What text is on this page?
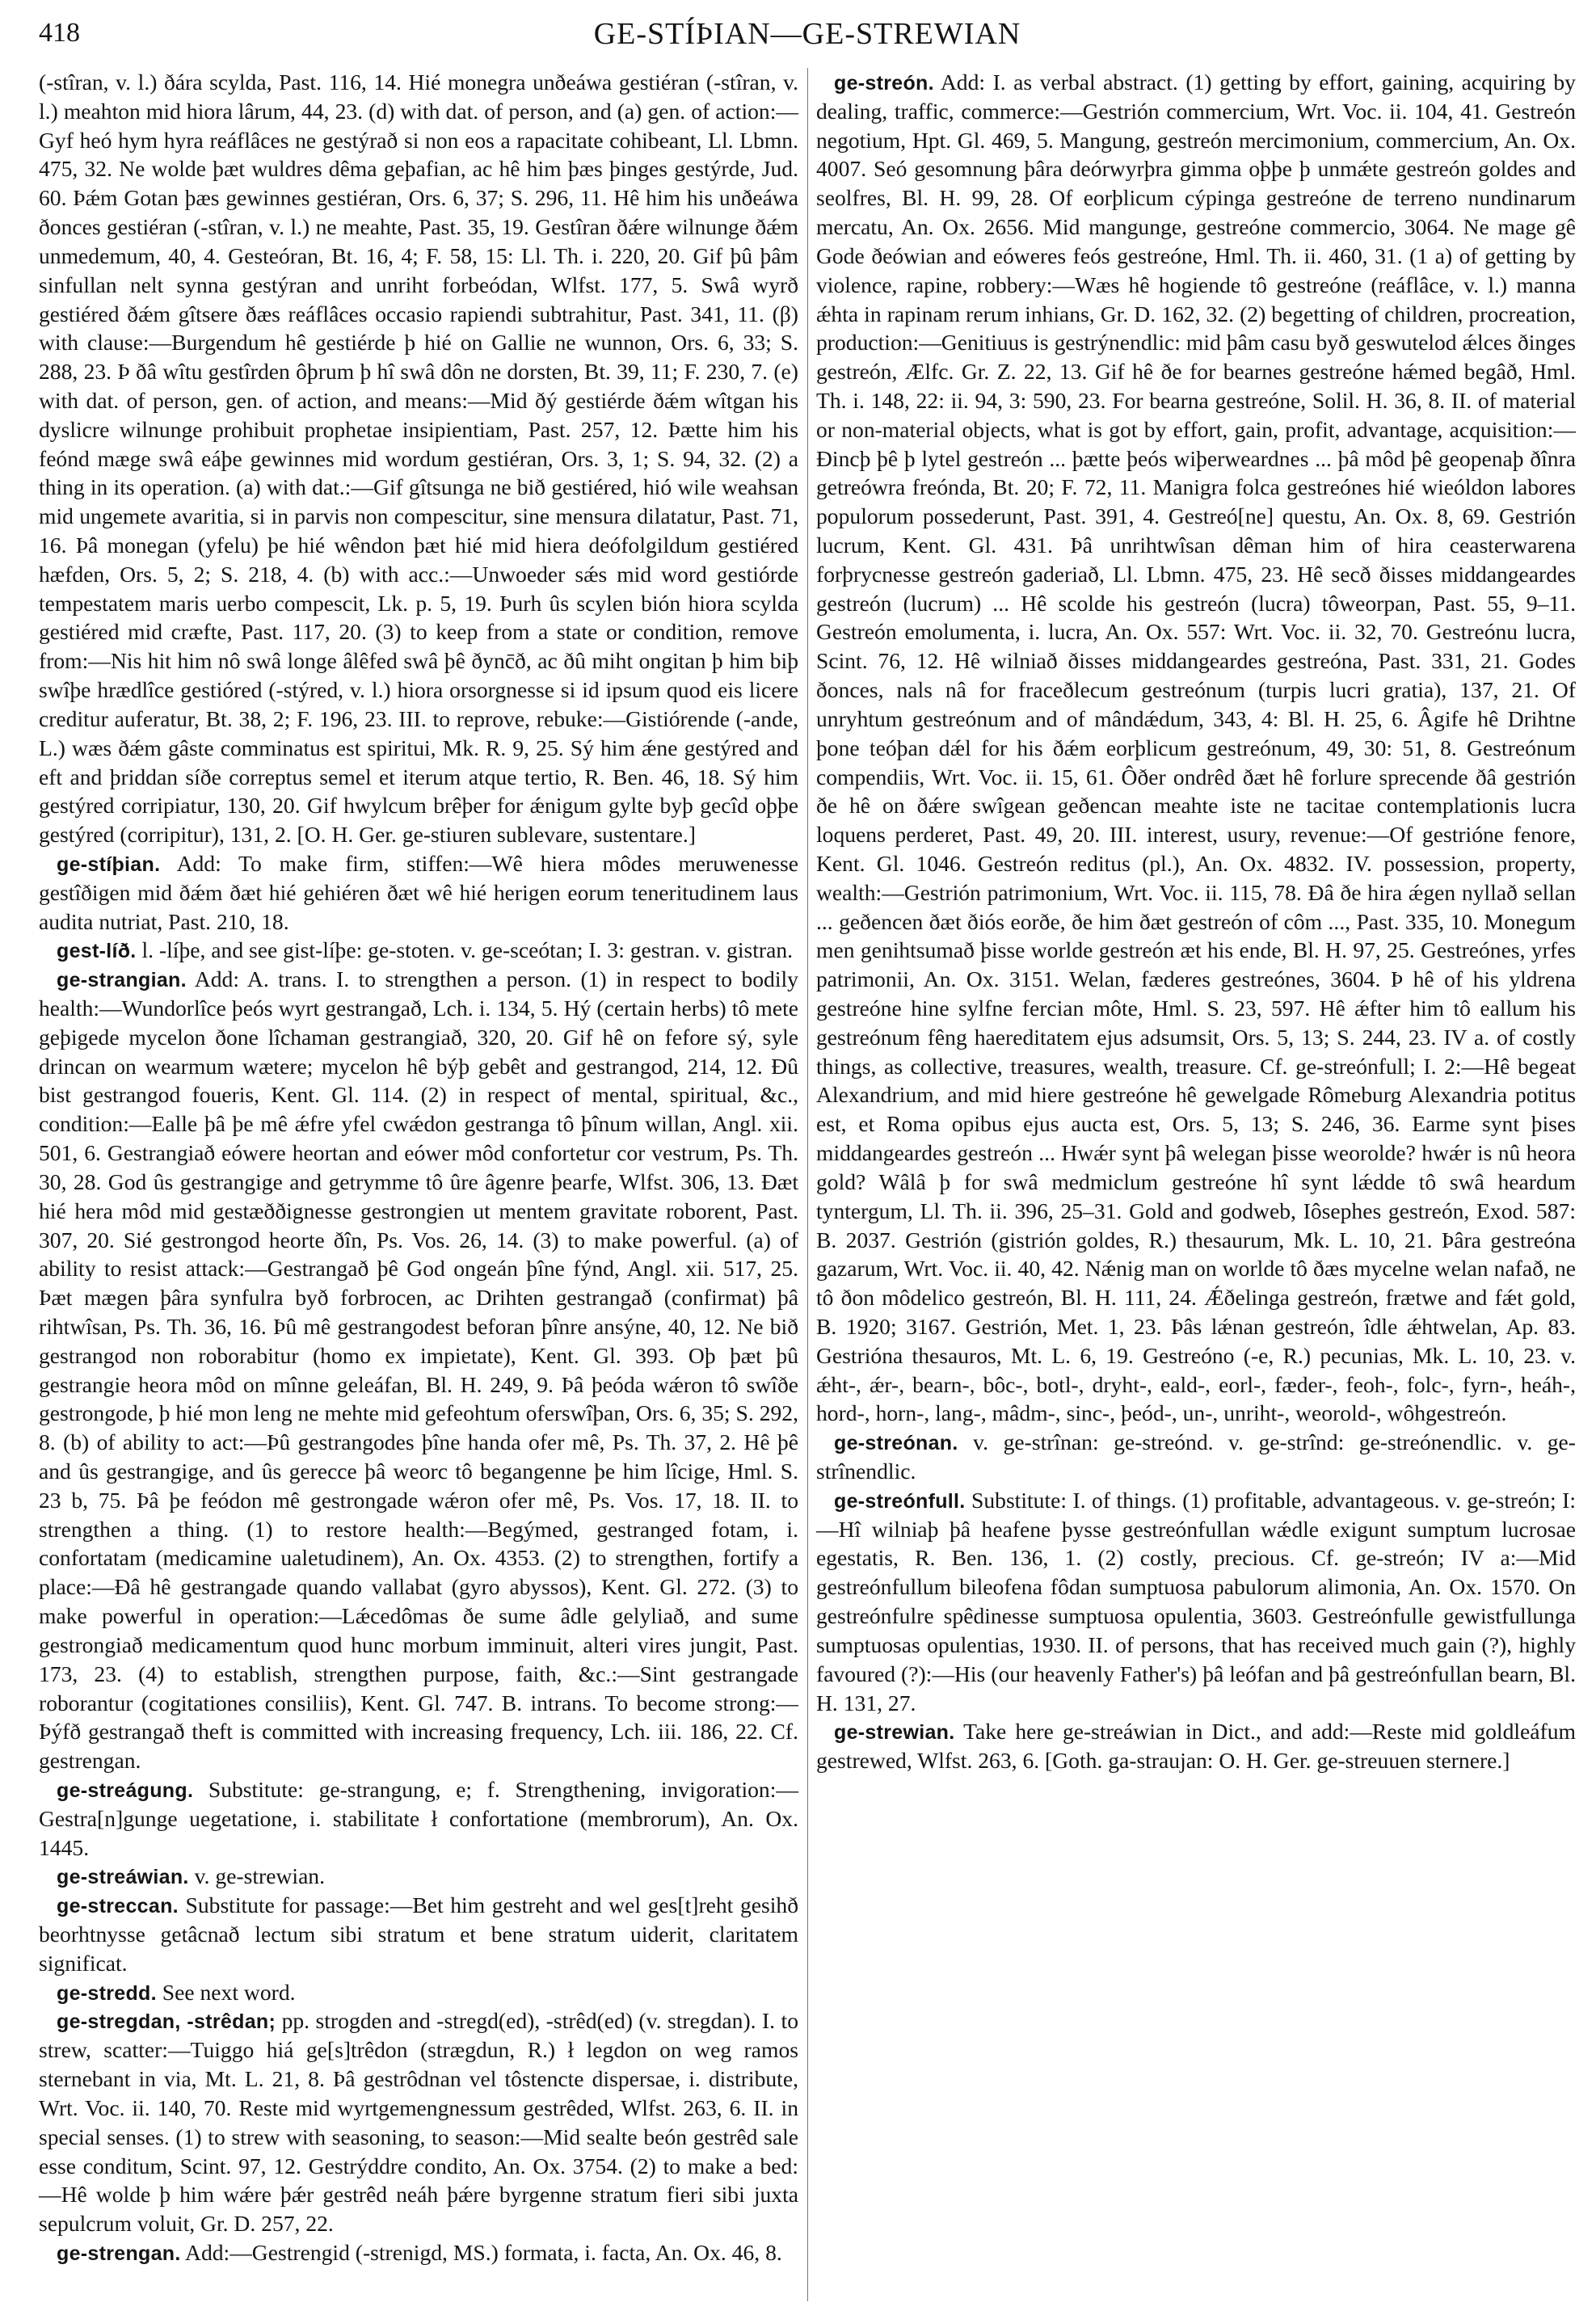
418	GE-STÍÞIAN—GE-STREWIAN

(-stîran, v. l.) ðára scylda, Past. 116, 14. Hié monegra unðeáwa gestiéran (-stîran, v. l.) meahton mid hiora lârum, 44, 23. (d) with dat. of person, and (a) gen. of action:—Gyf heó hym hyra reáflâces ne gestýrað si non eos a rapacitate cohibeant, Ll. Lbmn. 475, 32. Ne wolde þæt wuldres dêma geþafian, ac hê him þæs þinges gestýrde, Jud. 60. Þǽm Gotan þæs gewinnes gestiéran, Ors. 6, 37; S. 296, 11. Hê him his unðeáwa ðonces gestiéran (-stîran, v. l.) ne meahte, Past. 35, 19. Gestîran ðǽre wilnunge ðǽm unmedemum, 40, 4. Gesteóran, Bt. 16, 4; F. 58, 15: Ll. Th. i. 220, 20. Gif þû þâm sinfullan nelt synna gestýran and unriht forbeódan, Wlfst. 177, 5. Swâ wyrð gestiéred ðǽm gîtsere ðæs reáflâces occasio rapiendi subtrahitur, Past. 341, 11. (β) with clause:—Burgendum hê gestiérde þ hié on Gallie ne wunnon, Ors. 6, 33; S. 288, 23. Þ ðâ wîtu gestîrden ôþrum þ hî swâ dôn ne dorsten, Bt. 39, 11; F. 230, 7. (e) with dat. of person, gen. of action, and means:—Mid ðý gestiérde ðǽm wîtgan his dyslicre wilnunge prohibuit prophetae insipientiam, Past. 257, 12. Þætte him his feónd mæge swâ eáþe gewinnes mid wordum gestiéran, Ors. 3, 1; S. 94, 32. (2) a thing in its operation. (a) with dat.:—Gif gîtsunga ne bið gestiéred, hió wile weahsan mid ungemete avaritia, si in parvis non compescitur, sine mensura dilatatur, Past. 71, 16. Þâ monegan (yfelu) þe hié wêndon þæt hié mid hiera deófolgildum gestiéred hæfden, Ors. 5, 2; S. 218, 4. (b) with acc.:—Unwoeder sǽs mid word gestiórde tempestatem maris uerbo compescit, Lk. p. 5, 19. Þurh ûs scylen bión hiora scylda gestiéred mid cræfte, Past. 117, 20. (3) to keep from a state or condition, remove from:—Nis hit him nô swâ longe âlêfed swâ þê ðync̄ð, ac ðû miht ongitan þ him biþ swîþe hrædlîce gestióred (-stýred, v. l.) hiora orsorgnesse si id ipsum quod eis licere creditur auferatur, Bt. 38, 2; F. 196, 23. III. to reprove, rebuke:—Gistiórende (-ande, L.) wæs ðǽm gâste comminatus est spiritui, Mk. R. 9, 25. Sý him ǽne gestýred and eft and þriddan síðe correptus semel et iterum atque tertio, R. Ben. 46, 18. Sý him gestýred corripiatur, 130, 20. Gif hwylcum brêþer for ǽnigum gylte byþ gecîd oþþe gestýred (corripitur), 131, 2. [O. H. Ger. ge-stiuren sublevare, sustentare.]

ge-stíþian. Add: To make firm, stiffen:—Wê hiera môdes meruwenesse gestîðigen mid ðǽm ðæt hié gehiéren ðæt wê hié herigen eorum teneritudinem laus audita nutriat, Past. 210, 18.

gest-líð. l. -líþe, and see gist-líþe: ge-stoten. v. ge-sceótan; I. 3: gestran. v. gistran.

ge-strangian. Add: A. trans. I. to strengthen a person. (1) in respect to bodily health:—Wundorlîce þeós wyrt gestrangað, Lch. i. 134, 5. Hý (certain herbs) tô mete geþigede mycelon ðone lîchaman gestrangiað, 320, 20. Gif hê on fefore sý, syle drincan on wearmum wætere; mycelon hê býþ gebêt and gestrangod, 214, 12. Ðû bist gestrangod foueris, Kent. Gl. 114. (2) in respect of mental, spiritual, &c., condition:—Ealle þâ þe mê ǽfre yfel cwǽdon gestranga tô þînum willan, Angl. xii. 501, 6. Gestrangiað eówere heortan and eówer môd confortetur cor vestrum, Ps. Th. 30, 28. God ûs gestrangige and getrymme tô ûre âgenre þearfe, Wlfst. 306, 13. Ðæt hié hera môd mid gestæððignesse gestrongien ut mentem gravitate roborent, Past. 307, 20. Sié gestrongod heorte ðîn, Ps. Vos. 26, 14. (3) to make powerful. (a) of ability to resist attack:—Gestrangað þê God ongeán þîne fýnd, Angl. xii. 517, 25. Þæt mægen þâra synfulra byð forbrocen, ac Drihten gestrangað (confirmat) þâ rihtwîsan, Ps. Th. 36, 16. Þû mê gestrangodest beforan þînre ansýne, 40, 12. Ne bið gestrangod non roborabitur (homo ex impietate), Kent. Gl. 393. Oþ þæt þû gestrangie heora môd on mînne geleáfan, Bl. H. 249, 9. Þâ þeóda wǽron tô swîðe gestrongode, þ hié mon leng ne mehte mid gefeohtum oferswîþan, Ors. 6, 35; S. 292, 8. (b) of ability to act:—Þû gestrangodes þîne handa ofer mê, Ps. Th. 37, 2. Hê þê and ûs gestrangige, and ûs gerecce þâ weorc tô begangenne þe him lîcige, Hml. S. 23 b, 75. Þâ þe feódon mê gestrongade wǽron ofer mê, Ps. Vos. 17, 18. II. to strengthen a thing. (1) to restore health:—Begýmed, gestranged fotam, i. confortatam (medicamine ualetudinem), An. Ox. 4353. (2) to strengthen, fortify a place:—Ðâ hê gestrangade quando vallabat (gyro abyssos), Kent. Gl. 272. (3) to make powerful in operation:—Lǽcedômas ðe sume âdle gelyliað, and sume gestrongiað medicamentum quod hunc morbum imminuit, alteri vires jungit, Past. 173, 23. (4) to establish, strengthen purpose, faith, &c.:—Sint gestrangade roborantur (cogitationes consiliis), Kent. Gl. 747. B. intrans. To become strong:—Þýfð gestrangað theft is committed with increasing frequency, Lch. iii. 186, 22. Cf. gestrengan.

ge-streágung. Substitute: ge-strangung, e; f. Strengthening, invigoration:—Gestra[n]gunge uegetatione, i. stabilitate ł confortatione (membrorum), An. Ox. 1445.

ge-streáwian. v. ge-strewian.

ge-streccan. Substitute for passage:—Bet him gestreht and wel ges[t]reht gesihð beorhtnysse getâcnað lectum sibi stratum et bene stratum uiderit, claritatem significat.

ge-stredd. See next word.

ge-stregdan, -strêdan; pp. strogden and -stregd(ed), -strêd(ed) (v. stregdan). I. to strew, scatter:—Tuiggo hiá ge[s]trêdon (strægdun, R.) ł legdon on weg ramos sternebant in via, Mt. L. 21, 8. Þâ gestrôdnan vel tôstencte dispersae, i. distribute, Wrt. Voc. ii. 140, 70. Reste mid wyrtgemengnessum gestrêded, Wlfst. 263, 6. II. in special senses. (1) to strew with seasoning, to season:—Mid sealte beón gestrêd sale esse conditum, Scint. 97, 12. Gestrýddre condito, An. Ox. 3754. (2) to make a bed:—Hê wolde þ him wǽre þǽr gestrêd neáh þǽre byrgenne stratum fieri sibi juxta sepulcrum voluit, Gr. D. 257, 22.

ge-strengan. Add:—Gestrengid (-strenigd, MS.) formata, i. facta, An. Ox. 46, 8.

ge-streón. Add: I. as verbal abstract. (1) getting by effort, gaining, acquiring by dealing, traffic, commerce:—Gestrión commercium, Wrt. Voc. ii. 104, 41. Gestreón negotium, Hpt. Gl. 469, 5. Mangung, gestreón mercimonium, commercium, An. Ox. 4007. Seó gesomnung þâra deórwyrþra gimma oþþe þ unmǽte gestreón goldes and seolfres, Bl. H. 99, 28. Of eorþlicum cýpinga gestreóne de terreno nundinarum mercatu, An. Ox. 2656. Mid mangunge, gestreóne commercio, 3064. Ne mage gê Gode ðeówian and eóweres feós gestreóne, Hml. Th. ii. 460, 31. (1 a) of getting by violence, rapine, robbery:—Wæs hê hogiende tô gestreóne (reáflâce, v. l.) manna ǽhta in rapinam rerum inhians, Gr. D. 162, 32. (2) begetting of children, procreation, production:—Genitiuus is gestrýnendlic: mid þâm casu byð geswutelod ǽlces ðinges gestreón, Ælfc. Gr. Z. 22, 13. Gif hê ðe for bearnes gestreóne hǽmed begâð, Hml. Th. i. 148, 22: ii. 94, 3: 590, 23. For bearna gestreóne, Solil. H. 36, 8. II. of material or non-material objects, what is got by effort, gain, profit, advantage, acquisition:—Ðincþ þê þ lytel gestreón ... þætte þeós wiþerweardnes ... þâ môd þê geopenaþ ðînra getreówra freónda, Bt. 20; F. 72, 11. Manigra folca gestreónes hié wieóldon labores populorum possederunt, Past. 391, 4. Gestreó[ne] questu, An. Ox. 8, 69. Gestrión lucrum, Kent. Gl. 431. Þâ unrihtwîsan dêman him of hira ceasterwarena forþrycnesse gestreón gaderiað, Ll. Lbmn. 475, 23. Hê secð ðisses middangeardes gestreón (lucrum) ... Hê scolde his gestreón (lucra) tôweorpan, Past. 55, 9–11. Gestreón emolumenta, i. lucra, An. Ox. 557: Wrt. Voc. ii. 32, 70. Gestreónu lucra, Scint. 76, 12. Hê wilniað ðisses middangeardes gestreóna, Past. 331, 21. Godes ðonces, nals nâ for fraceðlecum gestreónum (turpis lucri gratia), 137, 21. Of unryhtum gestreónum and of mândǽdum, 343, 4: Bl. H. 25, 6. Âgife hê Drihtne þone teóþan dǽl for his ðǽm eorþlicum gestreónum, 49, 30: 51, 8. Gestreónum compendiis, Wrt. Voc. ii. 15, 61. Ôðer ondrêd ðæt hê forlure sprecende ðâ gestrión ðe hê on ðǽre swîgean geðencan meahte iste ne tacitae contemplationis lucra loquens perderet, Past. 49, 20. III. interest, usury, revenue:—Of gestrióne fenore, Kent. Gl. 1046. Gestreón reditus (pl.), An. Ox. 4832. IV. possession, property, wealth:—Gestrión patrimonium, Wrt. Voc. ii. 115, 78. Ðâ ðe hira ǽgen nyllað sellan ... geðencen ðæt ðiós eorðe, ðe him ðæt gestreón of côm ..., Past. 335, 10. Monegum men genihtsumað þisse worlde gestreón æt his ende, Bl. H. 97, 25. Gestreónes, yrfes patrimonii, An. Ox. 3151. Welan, fæderes gestreónes, 3604. Þ hê of his yldrena gestreóne hine sylfne fercian môte, Hml. S. 23, 597. Hê ǽfter him tô eallum his gestreónum fêng haereditatem ejus adsumsit, Ors. 5, 13; S. 244, 23. IV a. of costly things, as collective, treasures, wealth, treasure. Cf. ge-streónfull; I. 2:—Hê begeat Alexandrium, and mid hiere gestreóne hê gewelgade Rômeburg Alexandria potitus est, et Roma opibus ejus aucta est, Ors. 5, 13; S. 246, 36. Earme synt þises middangeardes gestreón ... Hwǽr synt þâ welegan þisse weorolde? hwǽr is nû heora gold? Wâlâ þ for swâ medmiclum gestreóne hî synt lǽdde tô swâ heardum tyntergum, Ll. Th. ii. 396, 25–31. Gold and godweb, Iôsephes gestreón, Exod. 587: B. 2037. Gestrión (gistrión goldes, R.) thesaurum, Mk. L. 10, 21. Þâra gestreóna gazarum, Wrt. Voc. ii. 40, 42. Nǽnig man on worlde tô ðæs mycelne welan nafað, ne tô ðon môdelico gestreón, Bl. H. 111, 24. Ǽðelinga gestreón, frætwe and fǽt gold, B. 1920; 3167. Gestrión, Met. 1, 23. Þâs lǽnan gestreón, îdle ǽhtwelan, Ap. 83. Gestrióna thesauros, Mt. L. 6, 19. Gestreóno (-e, R.) pecunias, Mk. L. 10, 23. v. ǽht-, ǽr-, bearn-, bôc-, botl-, dryht-, eald-, eorl-, fæder-, feoh-, folc-, fyrn-, heáh-, hord-, horn-, lang-, mâdm-, sinc-, þeód-, un-, unriht-, weorold-, wôhgestreón.

ge-streónan. v. ge-strînan: ge-streónd. v. ge-strînd: ge-streónendlic. v. ge-strînendlic.

ge-streónfull. Substitute: I. of things. (1) profitable, advantageous. v. ge-streón; I:—Hî wilniaþ þâ heafene þysse gestreónfullan wǽdle exigunt sumptum lucrosae egestatis, R. Ben. 136, 1. (2) costly, precious. Cf. ge-streón; IV a:—Mid gestreónfullum bileofena fôdan sumptuosa pabulorum alimonia, An. Ox. 1570. On gestreónfulre spêdinesse sumptuosa opulentia, 3603. Gestreónfulle gewistfullunga sumptuosas opulentias, 1930. II. of persons, that has received much gain (?), highly favoured (?):—His (our heavenly Father's) þâ leófan and þâ gestreónfullan bearn, Bl. H. 131, 27.

ge-strewian. Take here ge-streáwian in Dict., and add:—Reste mid goldleáfum gestrewed, Wlfst. 263, 6. [Goth. ga-straujan: O. H. Ger. ge-streuuen sternere.]
